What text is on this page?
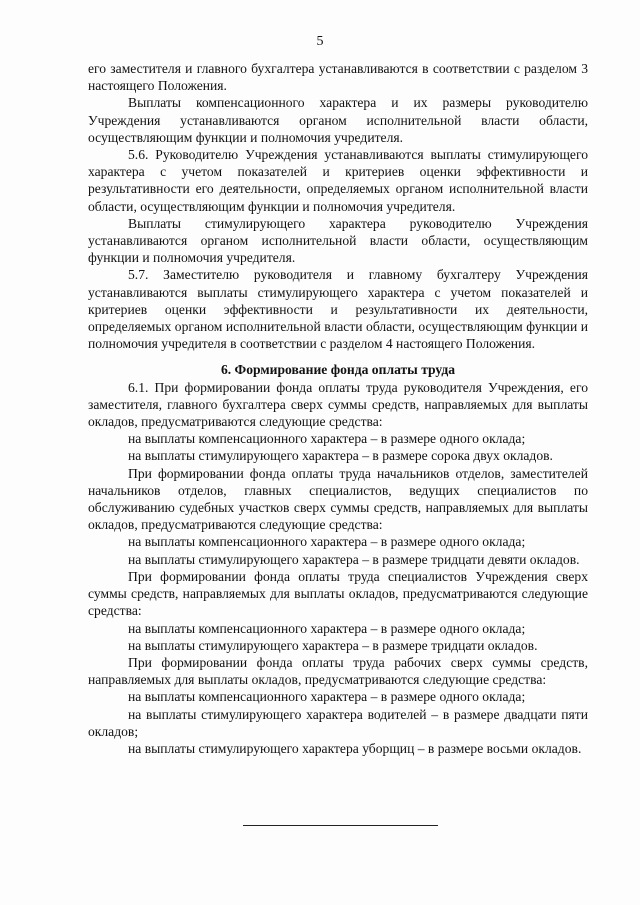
5

его заместителя и главного бухгалтера устанавливаются в соответствии с разделом 3 настоящего Положения.

Выплаты компенсационного характера и их размеры руководителю Учреждения устанавливаются органом исполнительной власти области, осуществляющим функции и полномочия учредителя.

5.6. Руководителю Учреждения устанавливаются выплаты стимулирующего характера с учетом показателей и критериев оценки эффективности и результативности его деятельности, определяемых органом исполнительной власти области, осуществляющим функции и полномочия учредителя.

Выплаты стимулирующего характера руководителю Учреждения устанавливаются органом исполнительной власти области, осуществляющим функции и полномочия учредителя.

5.7. Заместителю руководителя и главному бухгалтеру Учреждения устанавливаются выплаты стимулирующего характера с учетом показателей и критериев оценки эффективности и результативности их деятельности, определяемых органом исполнительной власти области, осуществляющим функции и полномочия учредителя в соответствии с разделом 4 настоящего Положения.

6. Формирование фонда оплаты труда

6.1. При формировании фонда оплаты труда руководителя Учреждения, его заместителя, главного бухгалтера сверх суммы средств, направляемых для выплаты окладов, предусматриваются следующие средства:

на выплаты компенсационного характера – в размере одного оклада;

на выплаты стимулирующего характера – в размере сорока двух окладов.

При формировании фонда оплаты труда начальников отделов, заместителей начальников отделов, главных специалистов, ведущих специалистов по обслуживанию судебных участков сверх суммы средств, направляемых для выплаты окладов, предусматриваются следующие средства:

на выплаты компенсационного характера – в размере одного оклада;

на выплаты стимулирующего характера – в размере тридцати девяти окладов.

При формировании фонда оплаты труда специалистов Учреждения сверх суммы средств, направляемых для выплаты окладов, предусматриваются следующие средства:

на выплаты компенсационного характера – в размере одного оклада;

на выплаты стимулирующего характера – в размере тридцати окладов.

При формировании фонда оплаты труда рабочих сверх суммы средств, направляемых для выплаты окладов, предусматриваются следующие средства:

на выплаты компенсационного характера – в размере одного оклада;

на выплаты стимулирующего характера водителей – в размере двадцати пяти окладов;

на выплаты стимулирующего характера уборщиц – в размере восьми окладов.
